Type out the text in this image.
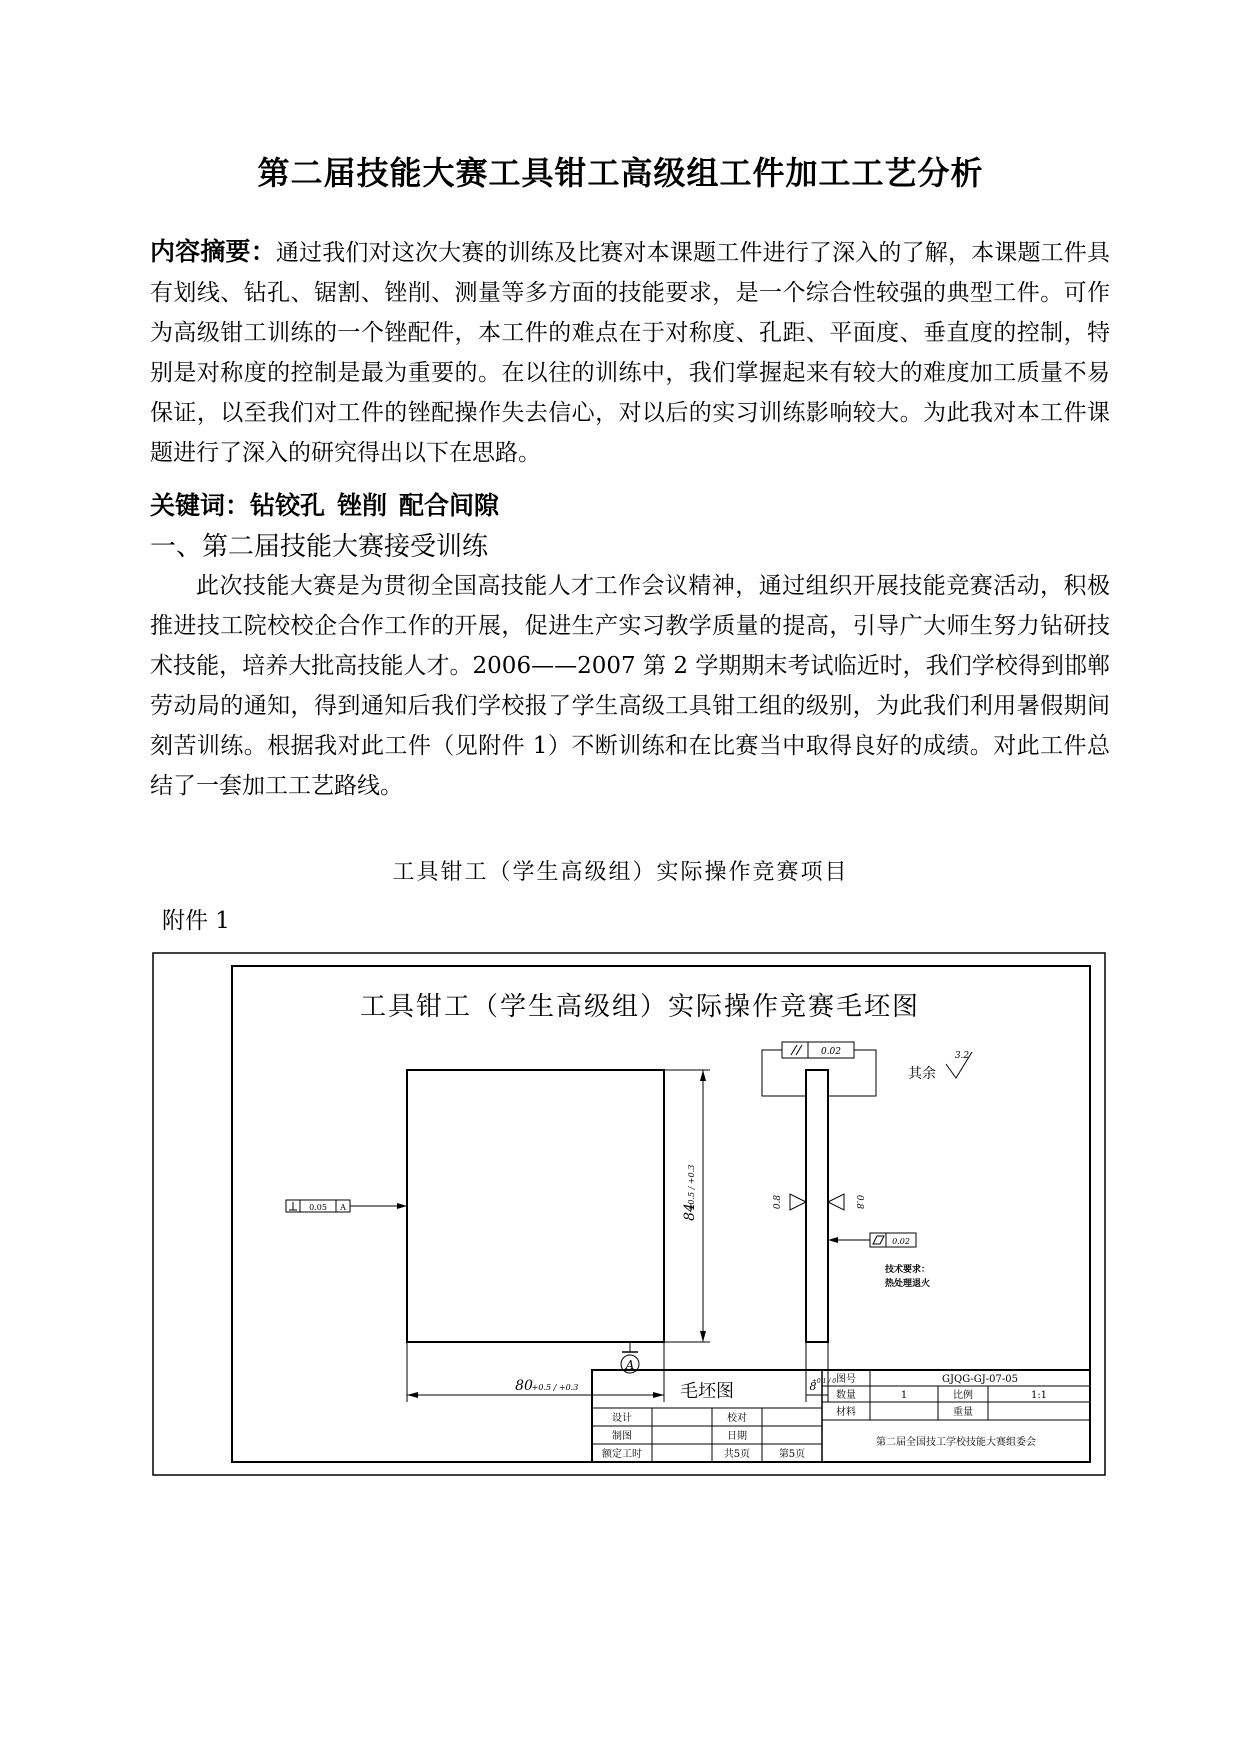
第二届技能大赛工具钳工高级组工件加工工艺分析
内容摘要：通过我们对这次大赛的训练及比赛对本课题工件进行了深入的了解，本课题工件具有划线、钻孔、锯割、锉削、测量等多方面的技能要求，是一个综合性较强的典型工件。可作为高级钳工训练的一个锉配件，本工件的难点在于对称度、孔距、平面度、垂直度的控制，特别是对称度的控制是最为重要的。在以往的训练中，我们掌握起来有较大的难度加工质量不易保证，以至我们对工件的锉配操作失去信心，对以后的实习训练影响较大。为此我对本工件课题进行了深入的研究得出以下在思路。
关键词：钻铰孔 锉削 配合间隙
一、第二届技能大赛接受训练
此次技能大赛是为贯彻全国高技能人才工作会议精神，通过组织开展技能竞赛活动，积极推进技工院校校企合作工作的开展，促进生产实习教学质量的提高，引导广大师生努力钻研技术技能，培养大批高技能人才。2006——2007 第 2 学期期末考试临近时，我们学校得到邯郸劳动局的通知，得到通知后我们学校报了学生高级工具钳工组的级别，为此我们利用暑假期间刻苦训练。根据我对此工件（见附件 1）不断训练和在比赛当中取得良好的成绩。对此工件总结了一套加工工艺路线。
工具钳工（学生高级组）实际操作竞赛项目
附件 1
工具钳工（学生高级组）实际操作竞赛毛坯图
84
+0.5 / +0.3
80
+0.5 / +0.3
A
0.05 A
0.02
0.8	0.8
0.02
8
+0.1 / 0
其余
3.2
技术要求：
热处理退火
毛坯图
图号	GJQG-GJ-07-05
数量	1	比例	1:1
材料	重量
设计	校对
制图	日期
额定工时	共5页	第5页
第二届全国技工学校技能大赛组委会
